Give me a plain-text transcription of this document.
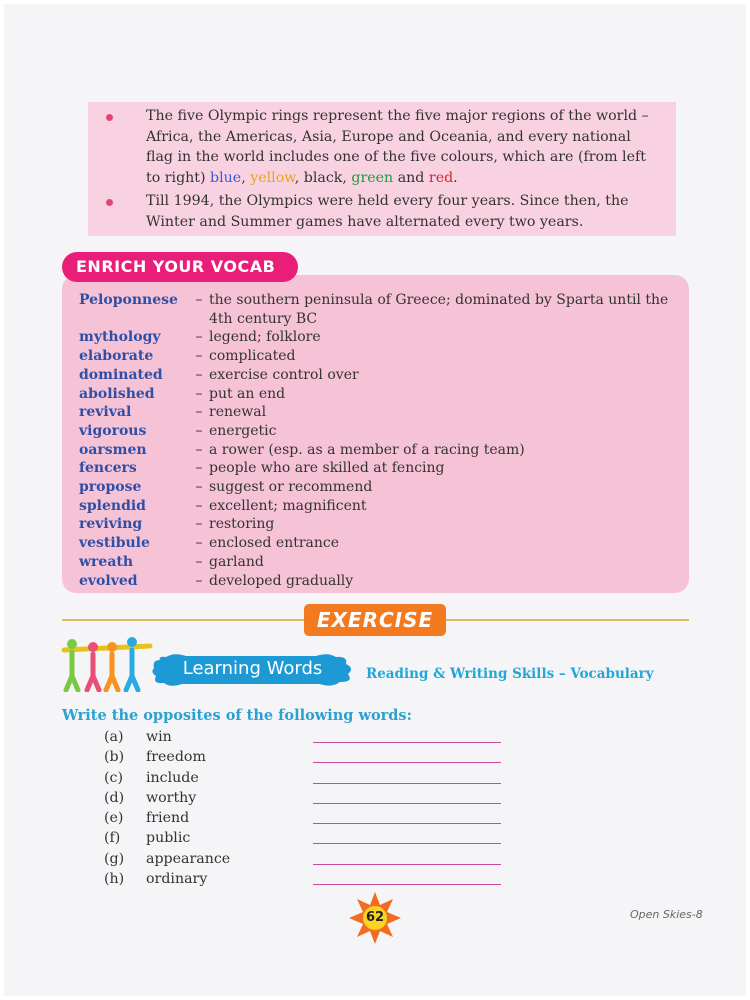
The five Olympic rings represent the five major regions of the world – Africa, the Americas, Asia, Europe and Oceania, and every national flag in the world includes one of the five colours, which are (from left to right) blue, yellow, black, green and red.
Till 1994, the Olympics were held every four years. Since then, the Winter and Summer games have alternated every two years.
ENRICH YOUR VOCAB
Peloponnese	– the southern peninsula of Greece; dominated by Sparta until the 4th century BC
mythology	– legend; folklore
elaborate	– complicated
dominated	– exercise control over
abolished	– put an end
revival	– renewal
vigorous	– energetic
oarsmen	– a rower (esp. as a member of a racing team)
fencers	– people who are skilled at fencing
propose	– suggest or recommend
splendid	– excellent; magnificent
reviving	– restoring
vestibule	– enclosed entrance
wreath	– garland
evolved	– developed gradually
EXERCISE
Learning Words	Reading & Writing Skills – Vocabulary
Write the opposites of the following words:
(a) win
(b) freedom
(c) include
(d) worthy
(e) friend
(f) public
(g) appearance
(h) ordinary
62	Open Skies-8
